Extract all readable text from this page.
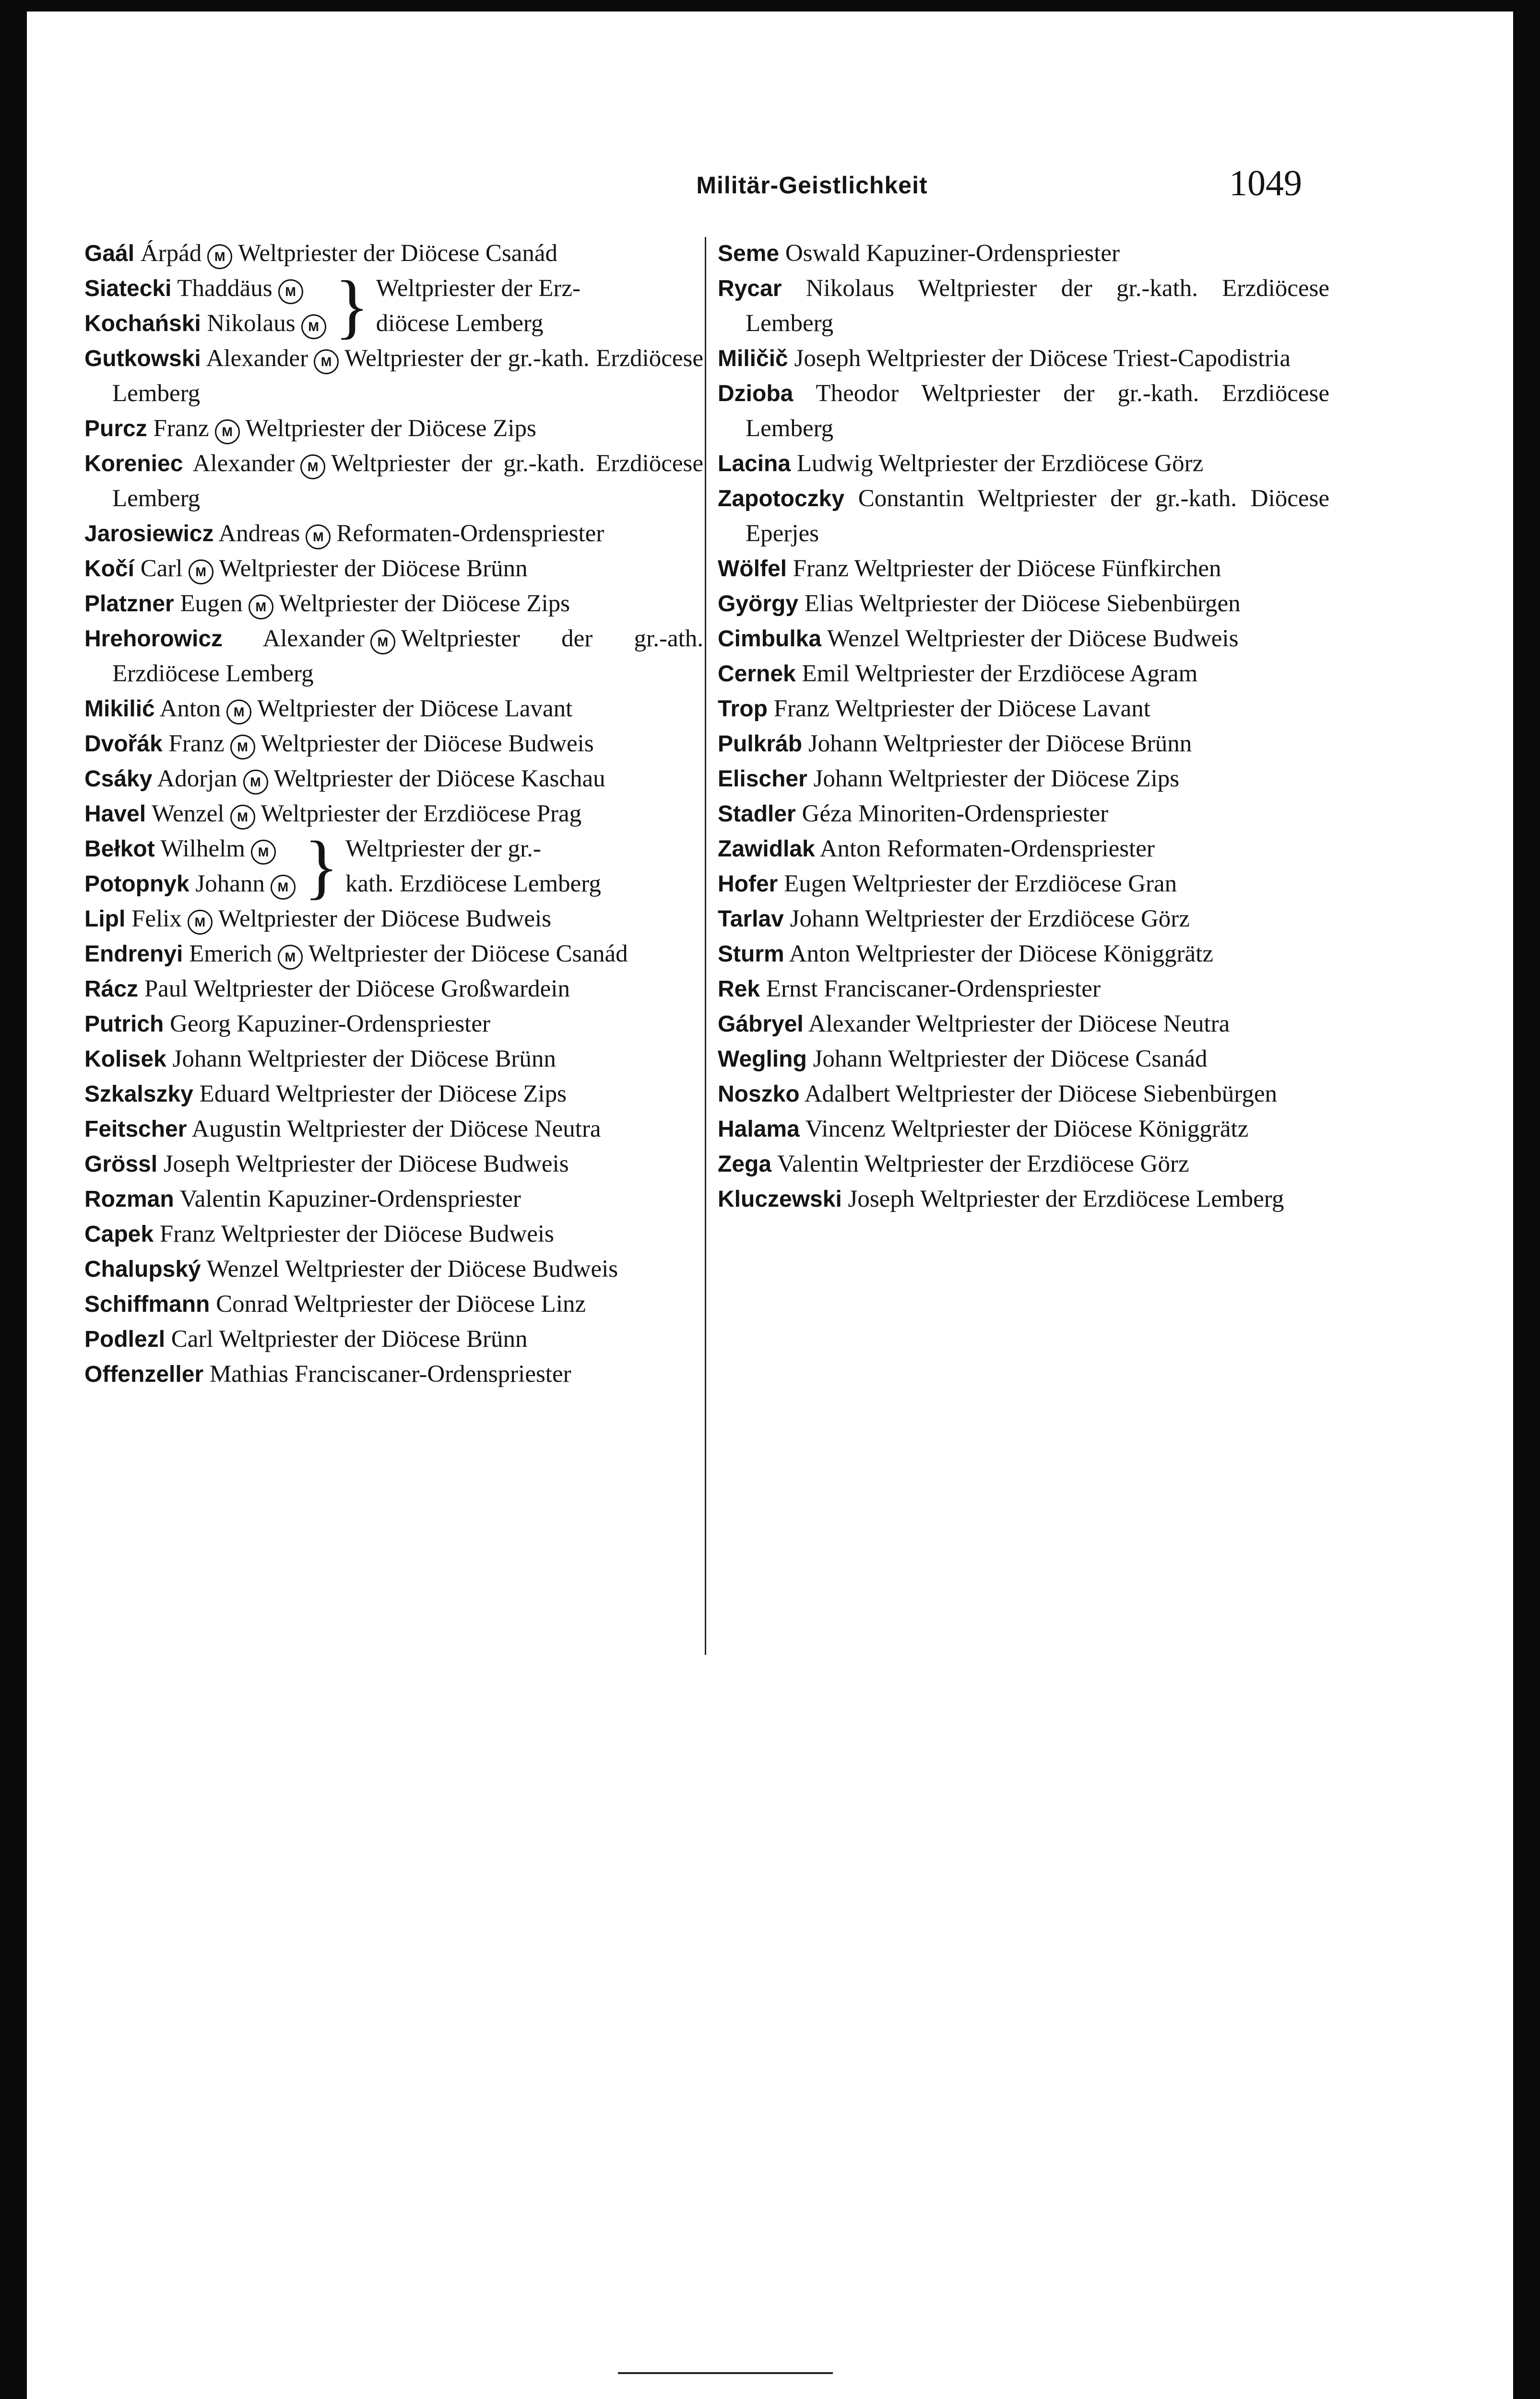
Militär-Geistlichkeit	1049
Gaál Árpád M Weltpriester der Diöcese Csanád
Siatecki Thaddäus M
Kochański Nikolaus M } Weltpriester der Erz-
diöcese Lemberg
Gutkowski Alexander M Weltpriester der gr.-kath. Erzdiöcese Lemberg
Purcz Franz M Weltpriester der Diöcese Zips
Koreniec Alexander M Weltpriester der gr.-kath. Erzdiöcese Lemberg
Jarosiewicz Andreas M Reformaten-Ordenspriester
Kočí Carl M Weltpriester der Diöcese Brünn
Platzner Eugen M Weltpriester der Diöcese Zips
Hrehorowicz Alexander M Weltpriester der gr.-ath. Erzdiöcese Lemberg
Mikilić Anton M Weltpriester der Diöcese Lavant
Dvořák Franz M Weltpriester der Diöcese Budweis
Csáky Adorjan M Weltpriester der Diöcese Kaschau
Havel Wenzel M Weltpriester der Erzdiöcese Prag
Bełkot Wilhelm M
Potopnyk Johann M } Weltpriester der gr.-
kath. Erzdiöcese Lemberg
Lipl Felix M Weltpriester der Diöcese Budweis
Endrenyi Emerich M Weltpriester der Diöcese Csanád
Rácz Paul Weltpriester der Diöcese Großwardein
Putrich Georg Kapuziner-Ordenspriester
Kolisek Johann Weltpriester der Diöcese Brünn
Szkalszky Eduard Weltpriester der Diöcese Zips
Feitscher Augustin Weltpriester der Diöcese Neutra
Grössl Joseph Weltpriester der Diöcese Budweis
Rozman Valentin Kapuziner-Ordenspriester
Capek Franz Weltpriester der Diöcese Budweis
Chalupský Wenzel Weltpriester der Diöcese Budweis
Schiffmann Conrad Weltpriester der Diöcese Linz
Podlezl Carl Weltpriester der Diöcese Brünn
Offenzeller Mathias Franciscaner-Ordenspriester
Seme Oswald Kapuziner-Ordenspriester
Rycar Nikolaus Weltpriester der gr.-kath. Erzdiöcese Lemberg
Miličič Joseph Weltpriester der Diöcese Triest-Capodistria
Dzioba Theodor Weltpriester der gr.-kath. Erzdiöcese Lemberg
Lacina Ludwig Weltpriester der Erzdiöcese Görz
Zapotoczky Constantin Weltpriester der gr.-kath. Diöcese Eperjes
Wölfel Franz Weltpriester der Diöcese Fünfkirchen
György Elias Weltpriester der Diöcese Siebenbürgen
Cimbulka Wenzel Weltpriester der Diöcese Budweis
Cernek Emil Weltpriester der Erzdiöcese Agram
Trop Franz Weltpriester der Diöcese Lavant
Pulkráb Johann Weltpriester der Diöcese Brünn
Elischer Johann Weltpriester der Diöcese Zips
Stadler Géza Minoriten-Ordenspriester
Zawidlak Anton Reformaten-Ordenspriester
Hofer Eugen Weltpriester der Erzdiöcese Gran
Tarlav Johann Weltpriester der Erzdiöcese Görz
Sturm Anton Weltpriester der Diöcese Königgrätz
Rek Ernst Franciscaner-Ordenspriester
Gábryel Alexander Weltpriester der Diöcese Neutra
Wegling Johann Weltpriester der Diöcese Csanád
Noszko Adalbert Weltpriester der Diöcese Siebenbürgen
Halama Vincenz Weltpriester der Diöcese Königgrätz
Zega Valentin Weltpriester der Erzdiöcese Görz
Kluczewski Joseph Weltpriester der Erzdiöcese Lemberg
